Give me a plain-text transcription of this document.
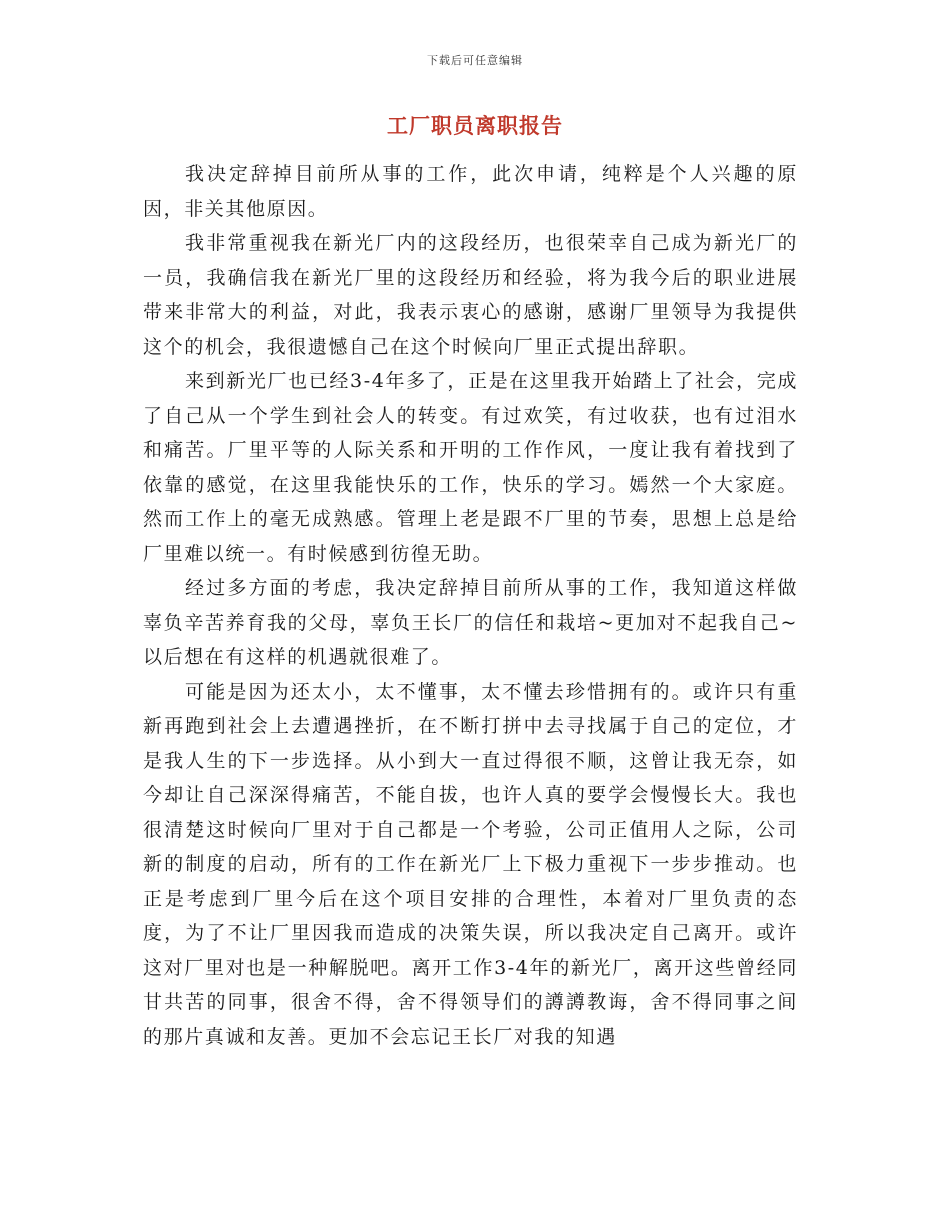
下载后可任意编辑
工厂职员离职报告

我决定辞掉目前所从事的工作，此次申请，纯粹是个人兴趣的原因，非关其他原因。

我非常重视我在新光厂内的这段经历，也很荣幸自己成为新光厂的一员，我确信我在新光厂里的这段经历和经验，将为我今后的职业进展带来非常大的利益，对此，我表示衷心的感谢，感谢厂里领导为我提供这个的机会，我很遗憾自己在这个时候向厂里正式提出辞职。

来到新光厂也已经3-4年多了，正是在这里我开始踏上了社会，完成了自己从一个学生到社会人的转变。有过欢笑，有过收获，也有过泪水和痛苦。厂里平等的人际关系和开明的工作作风，一度让我有着找到了依靠的感觉，在这里我能快乐的工作，快乐的学习。嫣然一个大家庭。然而工作上的毫无成熟感。管理上老是跟不厂里的节奏，思想上总是给厂里难以统一。有时候感到彷徨无助。

经过多方面的考虑，我决定辞掉目前所从事的工作，我知道这样做辜负辛苦养育我的父母，辜负王长厂的信任和栽培~更加对不起我自己~以后想在有这样的机遇就很难了。

可能是因为还太小，太不懂事，太不懂去珍惜拥有的。或许只有重新再跑到社会上去遭遇挫折，在不断打拼中去寻找属于自己的定位，才是我人生的下一步选择。从小到大一直过得很不顺，这曾让我无奈，如今却让自己深深得痛苦，不能自拔，也许人真的要学会慢慢长大。我也很清楚这时候向厂里对于自己都是一个考验，公司正值用人之际，公司新的制度的启动，所有的工作在新光厂上下极力重视下一步步推动。也正是考虑到厂里今后在这个项目安排的合理性，本着对厂里负责的态度，为了不让厂里因我而造成的决策失误，所以我决定自己离开。或许这对厂里对也是一种解脱吧。离开工作3-4年的新光厂，离开这些曾经同甘共苦的同事，很舍不得，舍不得领导们的譐譐教诲，舍不得同事之间的那片真诚和友善。更加不会忘记王长厂对我的知遇
